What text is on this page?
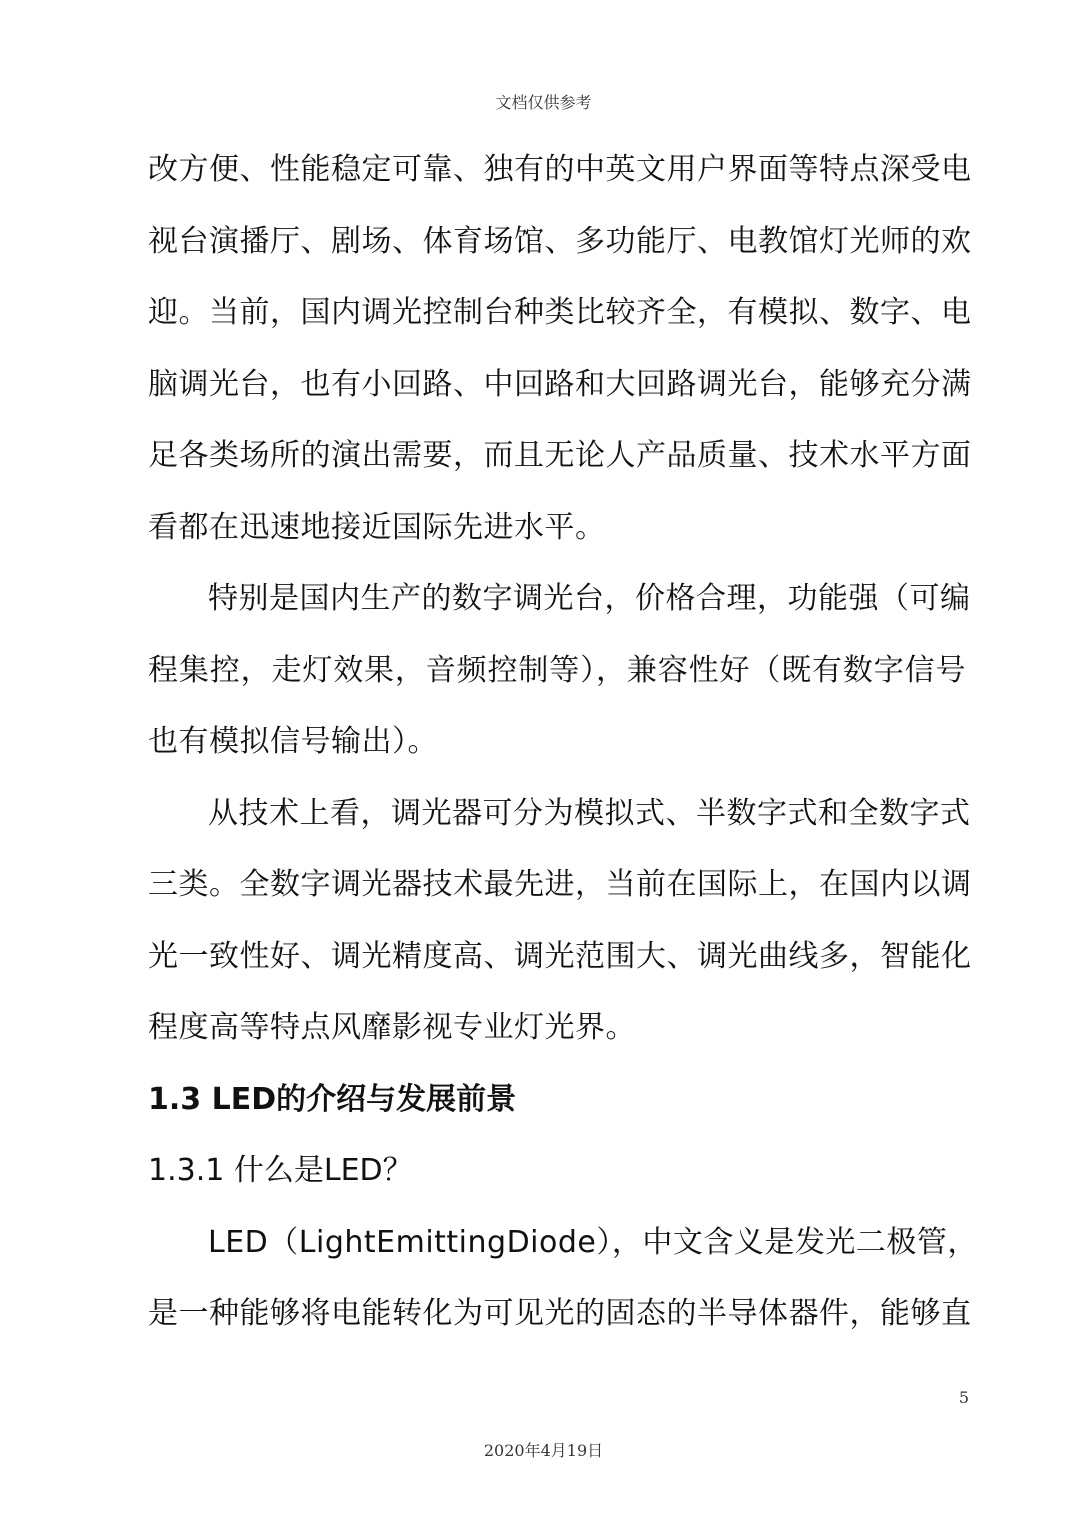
文档仅供参考
改方便、性能稳定可靠、独有的中英文用户界面等特点深受电
视台演播厅、剧场、体育场馆、多功能厅、电教馆灯光师的欢
迎。当前，国内调光控制台种类比较齐全，有模拟、数字、电
脑调光台，也有小回路、中回路和大回路调光台，能够充分满
足各类场所的演出需要，而且无论人产品质量、技术水平方面
看都在迅速地接近国际先进水平。
特别是国内生产的数字调光台，价格合理，功能强（可编
程集控，走灯效果，音频控制等），兼容性好（既有数字信号
也有模拟信号输出）。
从技术上看，调光器可分为模拟式、半数字式和全数字式
三类。全数字调光器技术最先进，当前在国际上，在国内以调
光一致性好、调光精度高、调光范围大、调光曲线多，智能化
程度高等特点风靡影视专业灯光界。
1.3 LED的介绍与发展前景
1.3.1 什么是LED？
LED（LightEmittingDiode），中文含义是发光二极管，
是一种能够将电能转化为可见光的固态的半导体器件，能够直
5
2020年4月19日
